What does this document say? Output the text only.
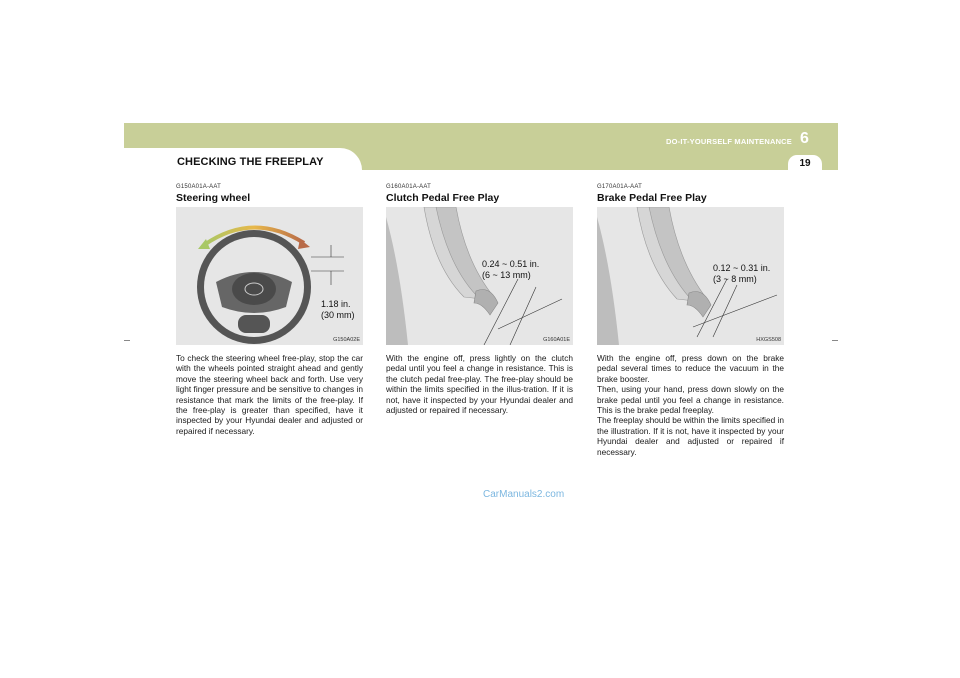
CHECKING THE FREEPLAY
DO-IT-YOURSELF MAINTENANCE 6
19
G150A01A-AAT
Steering wheel
1.18 in.
(30 mm)
G150A02E
To check the steering wheel free-play, stop the car with the wheels pointed straight ahead and gently move the steering wheel back and forth. Use very light finger pressure and be sensitive to changes in resistance that mark the limits of the free-play. If the free-play is greater than specified, have it inspected by your Hyundai dealer and adjusted or repaired if necessary.
G160A01A-AAT
Clutch Pedal Free Play
0.24 ~ 0.51 in.
(6 ~ 13 mm)
G160A01E
With the engine off, press lightly on the clutch pedal until you feel a change in resistance. This is the clutch pedal free-play. The free-play should be within the limits specified in the illus-tration. If it is not, have it inspected by your Hyundai dealer and adjusted or repaired if necessary.
G170A01A-AAT
Brake Pedal Free Play
0.12 ~ 0.31 in.
(3 ~ 8 mm)
HXGS508
With the engine off, press down on the brake pedal several times to reduce the vacuum in the brake booster.
Then, using your hand, press down slowly on the brake pedal until you feel a change in resistance. This is the brake pedal freeplay.
The freeplay should be within the limits specified in the illustration. If it is not, have it inspected by your Hyundai dealer and adjusted or repaired if necessary.
CarManuals2.com
